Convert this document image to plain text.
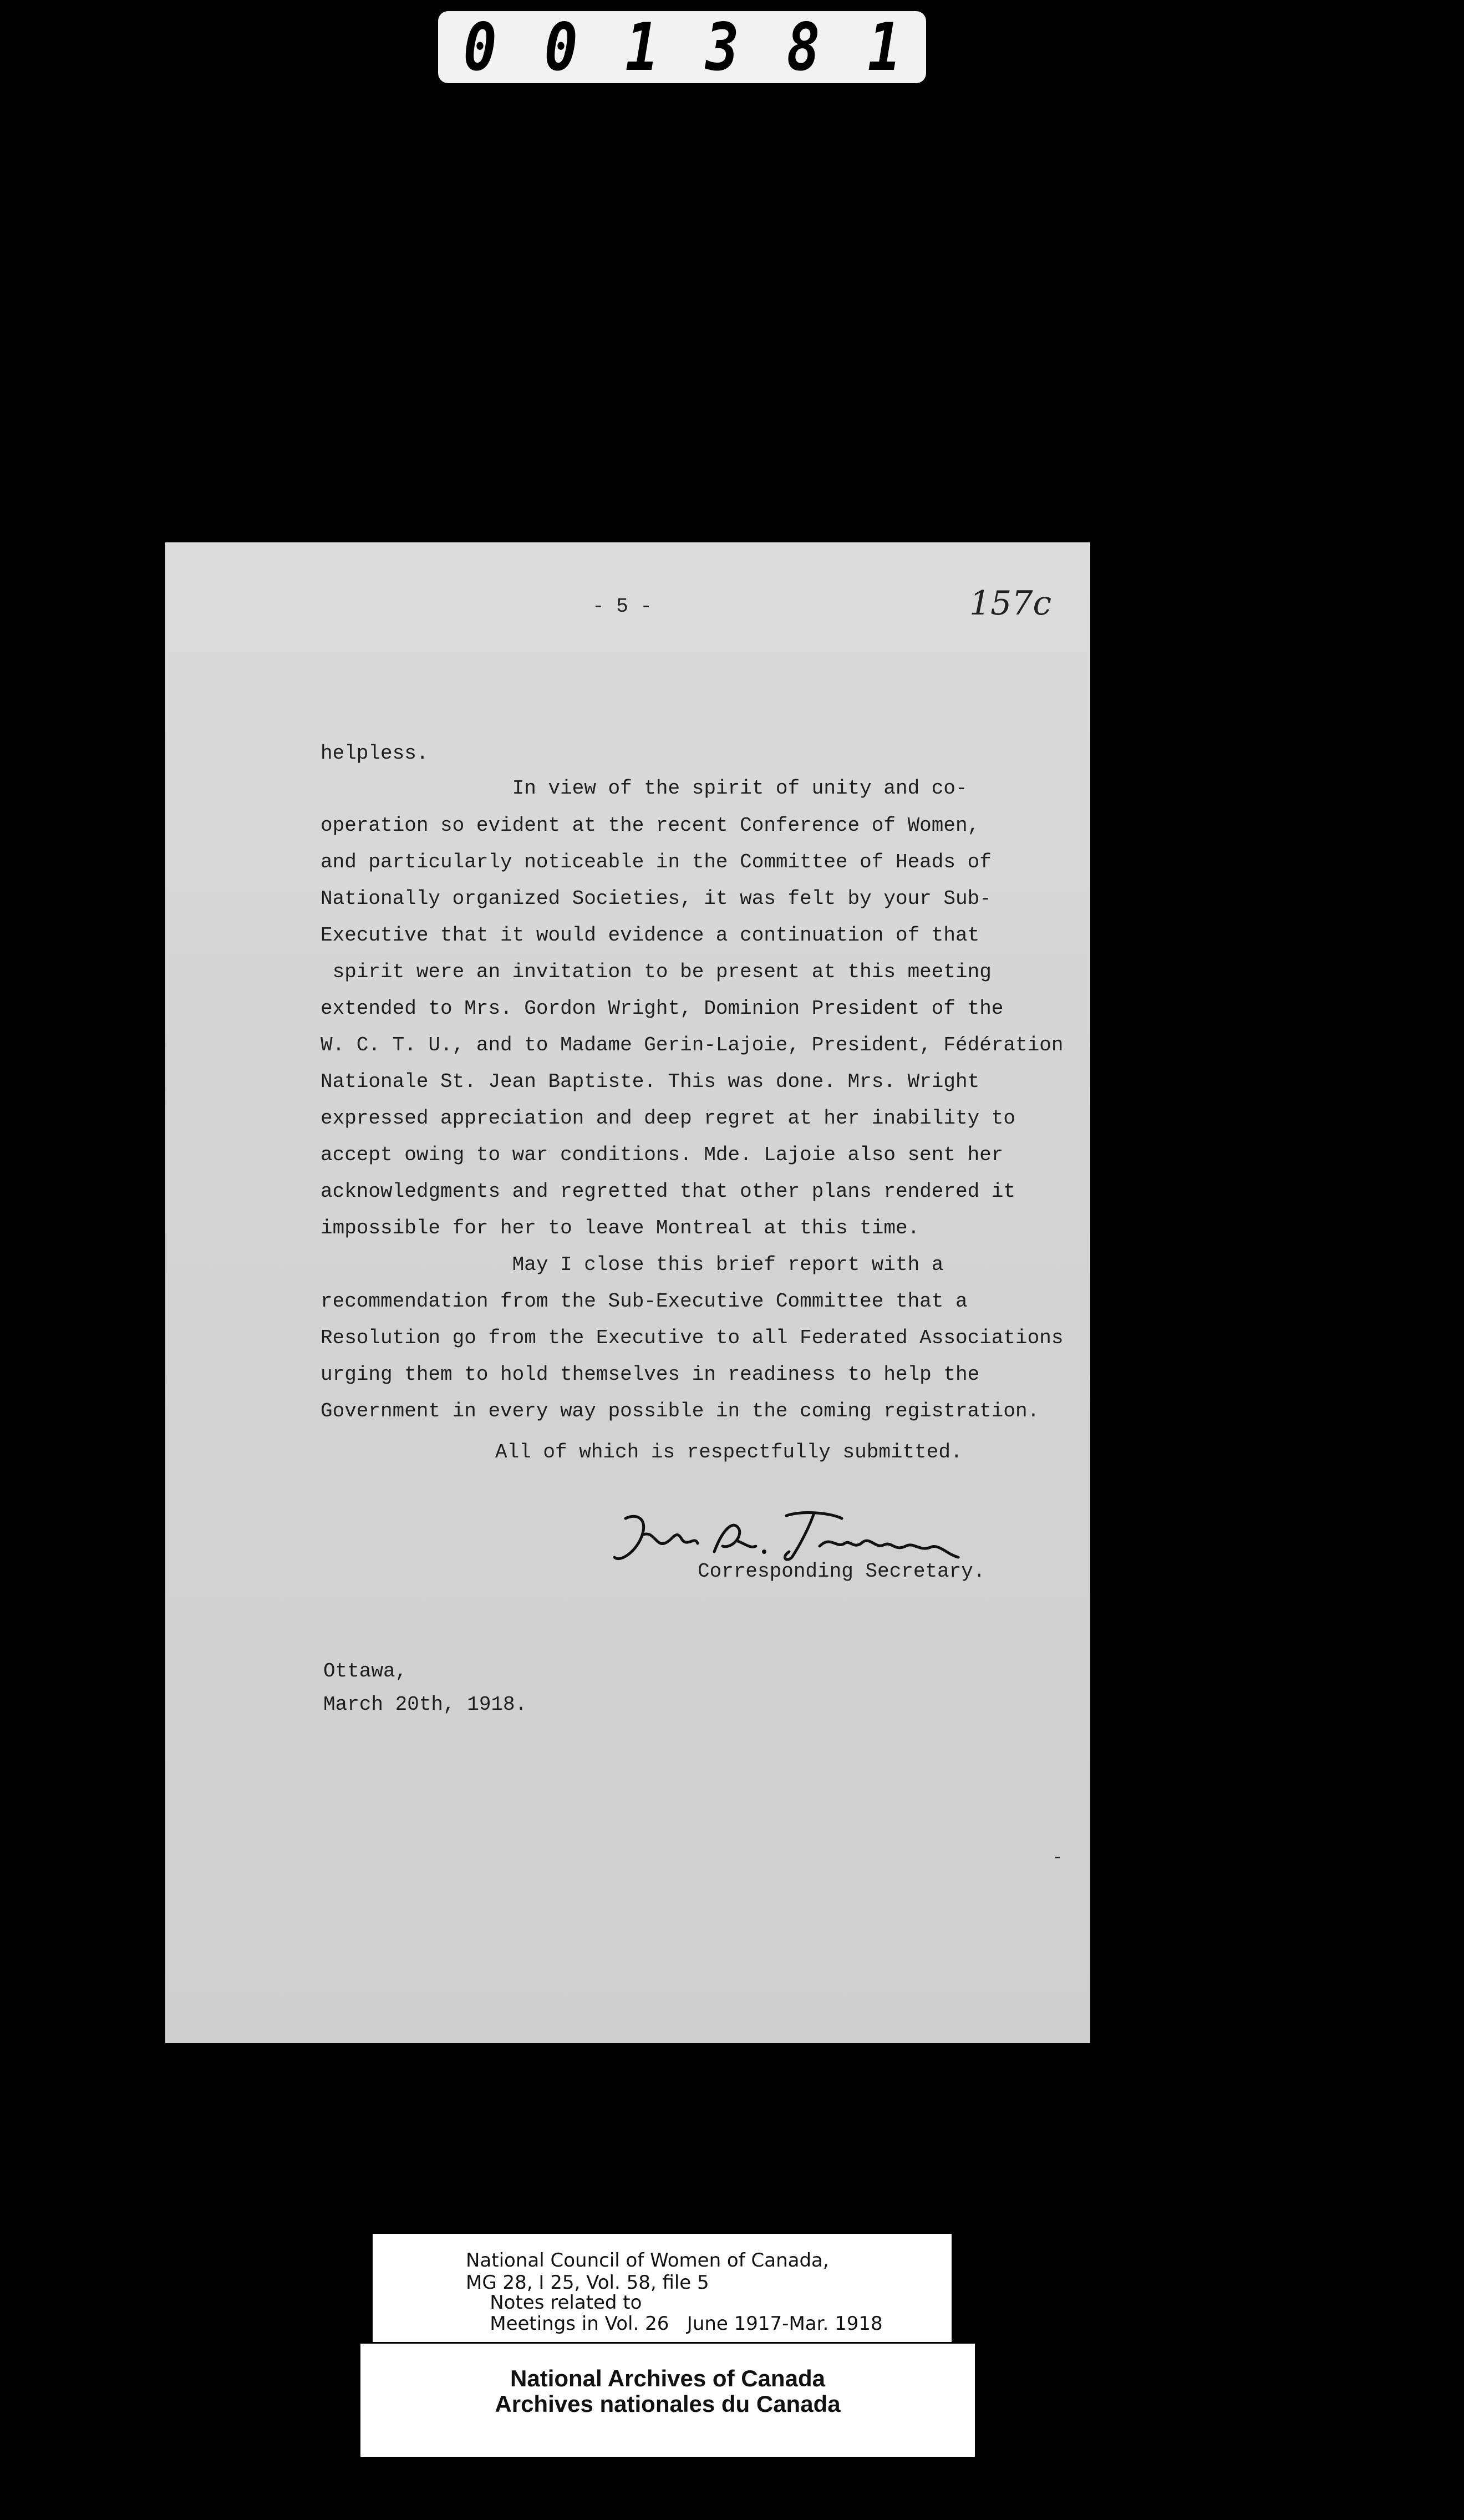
0 0 1 3 8 1
- 5 -	157c
helpless.
In view of the spirit of unity and co-
operation so evident at the recent Conference of Women,
and particularly noticeable in the Committee of Heads of
Nationally organized Societies, it was felt by your Sub-
Executive that it would evidence a continuation of that
spirit were an invitation to be present at this meeting
extended to Mrs. Gordon Wright, Dominion President of the
W. C. T. U., and to Madame Gerin-Lajoie, President, Fédération
Nationale St. Jean Baptiste. This was done. Mrs. Wright
expressed appreciation and deep regret at her inability to
accept owing to war conditions. Mde. Lajoie also sent her
acknowledgments and regretted that other plans rendered it
impossible for her to leave Montreal at this time.
May I close this brief report with a
recommendation from the Sub-Executive Committee that a
Resolution go from the Executive to all Federated Associations
urging them to hold themselves in readiness to help the
Government in every way possible in the coming registration.
All of which is respectfully submitted.
Corresponding Secretary.
Ottawa,
March 20th, 1918.
-
National Council of Women of Canada,
MG 28, I 25, Vol. 58, file 5
Notes related to
Meetings in Vol. 26   June 1917-Mar. 1918
National Archives of Canada
Archives nationales du Canada
